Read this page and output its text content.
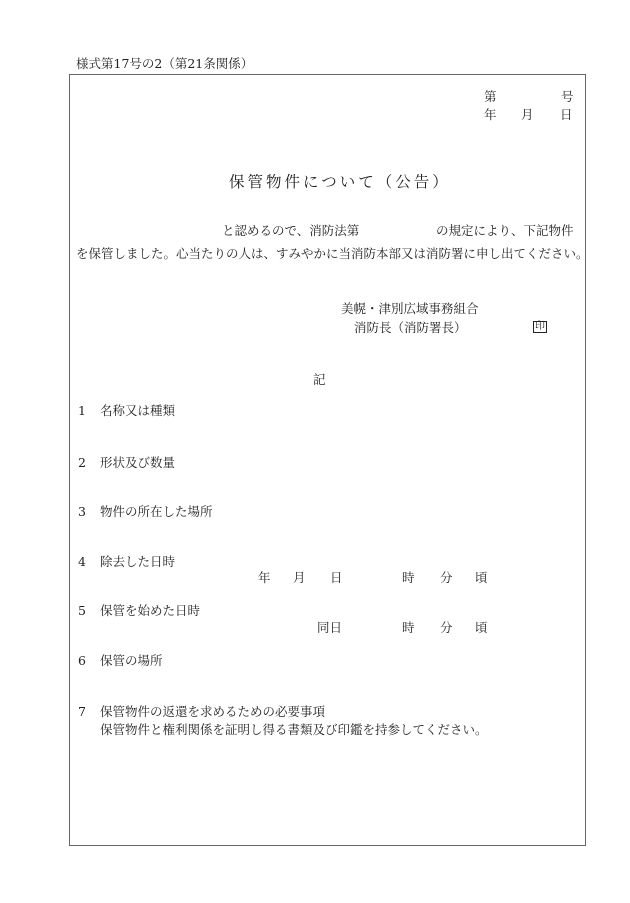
様式第17号の2（第21条関係）
第	号
年 月 日
保管物件について（公告）
と認めるので、消防法第	の規定により、下記物件
を保管しました。心当たりの人は、すみやかに当消防本部又は消防署に申し出てください。
美幌・津別広域事務組合
消防長（消防署長）	印
記
1 名称又は種類
2 形状及び数量
3 物件の所在した場所
4 除去した日時
年 月 日	時 分 頃
5 保管を始めた日時
同日	時 分 頃
6 保管の場所
7 保管物件の返還を求めるための必要事項
保管物件と権利関係を証明し得る書類及び印鑑を持参してください。
